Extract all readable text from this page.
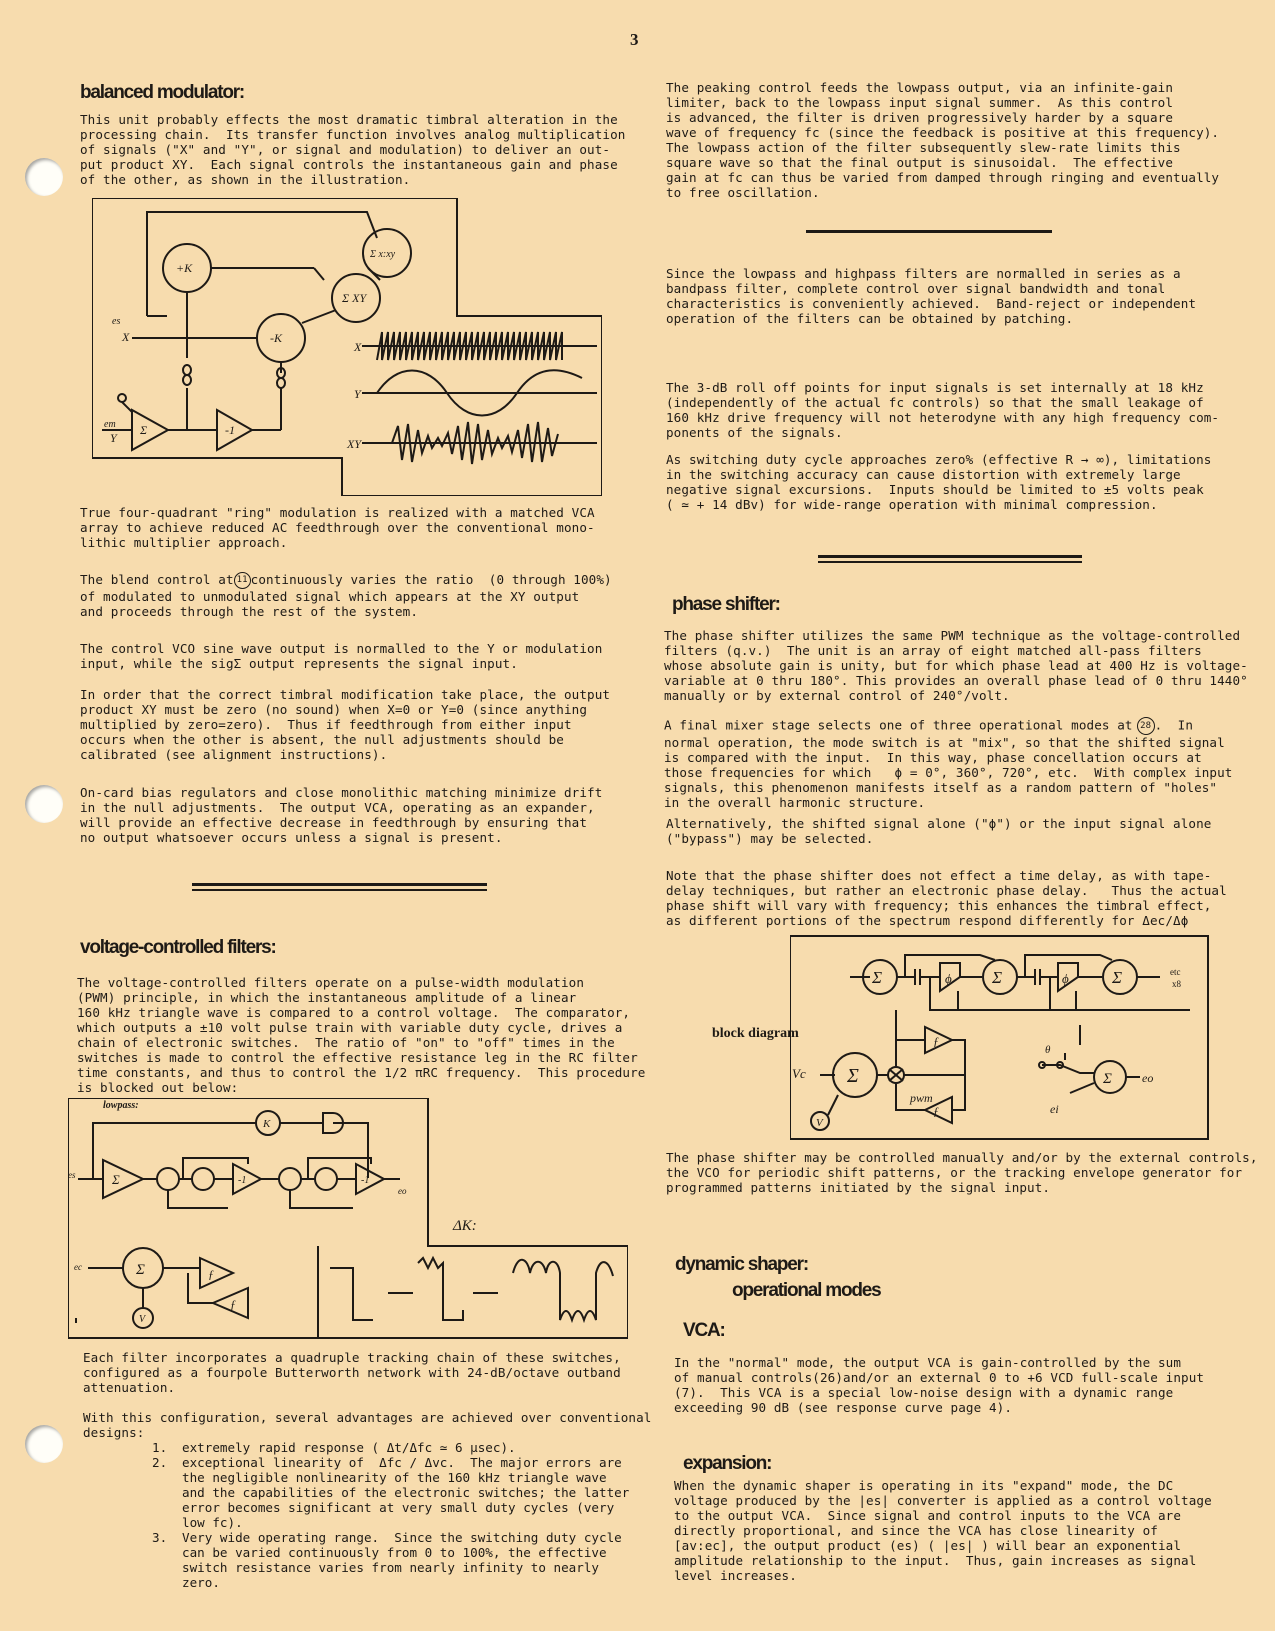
3
balanced modulator:
This unit probably effects the most dramatic timbral alteration in the
processing chain.  Its transfer function involves analog multiplication
of signals ("X" and "Y", or signal and modulation) to deliver an out-
put product XY.  Each signal controls the instantaneous gain and phase
of the other, as shown in the illustration.
+K
-K
Σ XY
Σ x:xy
es
X
em
Y
Σ	-1
X
Y
XY
True four-quadrant "ring" modulation is realized with a matched VCA
array to achieve reduced AC feedthrough over the conventional mono-
lithic multiplier approach.
The blend control at 11 continuously varies the ratio  (0 through 100%)
of modulated to unmodulated signal which appears at the XY output
and proceeds through the rest of the system.
The control VCO sine wave output is normalled to the Y or modulation
input, while the sigΣ output represents the signal input.
In order that the correct timbral modification take place, the output
product XY must be zero (no sound) when X=0 or Y=0 (since anything
multiplied by zero=zero).  Thus if feedthrough from either input
occurs when the other is absent, the null adjustments should be
calibrated (see alignment instructions).
On-card bias regulators and close monolithic matching minimize drift
in the null adjustments.  The output VCA, operating as an expander,
will provide an effective decrease in feedthrough by ensuring that
no output whatsoever occurs unless a signal is present.
voltage-controlled filters:
The voltage-controlled filters operate on a pulse-width modulation
(PWM) principle, in which the instantaneous amplitude of a linear
160 kHz triangle wave is compared to a control voltage.  The comparator,
which outputs a ±10 volt pulse train with variable duty cycle, drives a
chain of electronic switches.  The ratio of "on" to "off" times in the
switches is made to control the effective resistance leg in the RC filter
time constants, and thus to control the 1/2 πRC frequency.  This procedure
is blocked out below:
lowpass:
K
es
eo
ec
Σ
Σ
-1	-1
ƒ
ƒ
V
ΔK:
Each filter incorporates a quadruple tracking chain of these switches,
configured as a fourpole Butterworth network with 24-dB/octave outband
attenuation.
With this configuration, several advantages are achieved over conventional
designs:
1. extremely rapid response ( Δt/Δfc ≃ 6 µsec).
2. exceptional linearity of  Δfc / Δvc.  The major errors are
the negligible nonlinearity of the 160 kHz triangle wave
and the capabilities of the electronic switches; the latter
error becomes significant at very small duty cycles (very
low fc).
3. Very wide operating range.  Since the switching duty cycle
can be varied continuously from 0 to 100%, the effective
switch resistance varies from nearly infinity to nearly
zero.
The peaking control feeds the lowpass output, via an infinite-gain
limiter, back to the lowpass input signal summer.  As this control
is advanced, the filter is driven progressively harder by a square
wave of frequency fc (since the feedback is positive at this frequency).
The lowpass action of the filter subsequently slew-rate limits this
square wave so that the final output is sinusoidal.  The effective
gain at fc can thus be varied from damped through ringing and eventually
to free oscillation.
Since the lowpass and highpass filters are normalled in series as a
bandpass filter, complete control over signal bandwidth and tonal
characteristics is conveniently achieved.  Band-reject or independent
operation of the filters can be obtained by patching.
The 3-dB roll off points for input signals is set internally at 18 kHz
(independently of the actual fc controls) so that the small leakage of
160 kHz drive frequency will not heterodyne with any high frequency com-
ponents of the signals.
As switching duty cycle approaches zero% (effective R → ∞), limitations
in the switching accuracy can cause distortion with extremely large
negative signal excursions.  Inputs should be limited to ±5 volts peak
( ≃ + 14 dBv) for wide-range operation with minimal compression.
phase shifter:
The phase shifter utilizes the same PWM technique as the voltage-controlled
filters (q.v.)  The unit is an array of eight matched all-pass filters
whose absolute gain is unity, but for which phase lead at 400 Hz is voltage-
variable at 0 thru 180°. This provides an overall phase lead of 0 thru 1440°
manually or by external control of 240°/volt.
A final mixer stage selects one of three operational modes at 28 .  In
normal operation, the mode switch is at "mix", so that the shifted signal
is compared with the input.  In this way, phase concellation occurs at
those frequencies for which   ϕ = 0°, 360°, 720°, etc.  With complex input
signals, this phenomenon manifests itself as a random pattern of "holes"
in the overall harmonic structure.
Alternatively, the shifted signal alone ("ϕ") or the input signal alone
("bypass") may be selected.
Note that the phase shifter does not effect a time delay, as with tape-
delay techniques, but rather an electronic phase delay.   Thus the actual
phase shift will vary with frequency; this enhances the timbral effect,
as different portions of the spectrum respond differently for Δec/Δϕ
block diagram
Σ	Σ	Σ
ϕ	ϕ	etc
x8
Vc
V
Σ
ƒ
ƒ
pwm
θ
ei
Σ	eo
The phase shifter may be controlled manually and/or by the external controls,
the VCO for periodic shift patterns, or the tracking envelope generator for
programmed patterns initiated by the signal input.
dynamic shaper:
operational modes
VCA:
In the "normal" mode, the output VCA is gain-controlled by the sum
of manual controls(26)and/or an external 0 to +6 VCD full-scale input
(7).  This VCA is a special low-noise design with a dynamic range
exceeding 90 dB (see response curve page 4).
expansion:
When the dynamic shaper is operating in its "expand" mode, the DC
voltage produced by the |es| converter is applied as a control voltage
to the output VCA.  Since signal and control inputs to the VCA are
directly proportional, and since the VCA has close linearity of
[av:ec], the output product (es) ( |es| ) will bear an exponential
amplitude relationship to the input.  Thus, gain increases as signal
level increases.
